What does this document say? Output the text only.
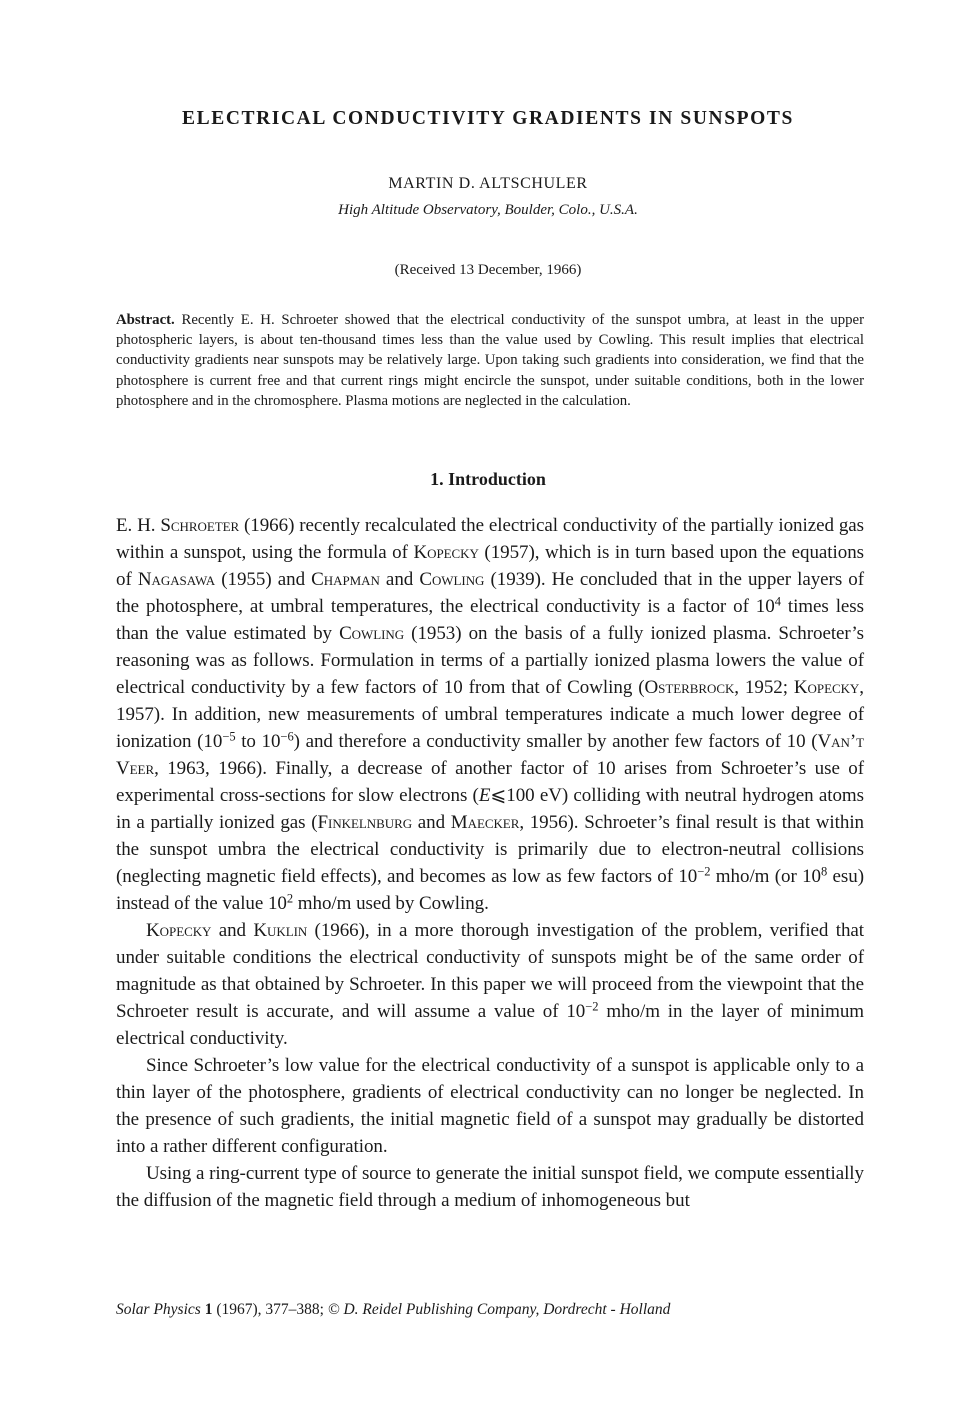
ELECTRICAL CONDUCTIVITY GRADIENTS IN SUNSPOTS
MARTIN D. ALTSCHULER
High Altitude Observatory, Boulder, Colo., U.S.A.
(Received 13 December, 1966)
Abstract. Recently E. H. Schroeter showed that the electrical conductivity of the sunspot umbra, at least in the upper photospheric layers, is about ten-thousand times less than the value used by Cowling. This result implies that electrical conductivity gradients near sunspots may be relatively large. Upon taking such gradients into consideration, we find that the photosphere is current free and that current rings might encircle the sunspot, under suitable conditions, both in the lower photosphere and in the chromosphere. Plasma motions are neglected in the calculation.
1. Introduction

E. H. Schroeter (1966) recently recalculated the electrical conductivity of the partially ionized gas within a sunspot, using the formula of Kopecky (1957), which is in turn based upon the equations of Nagasawa (1955) and Chapman and Cowling (1939). He concluded that in the upper layers of the photosphere, at umbral temperatures, the electrical conductivity is a factor of $10^4$ times less than the value estimated by Cowling (1953) on the basis of a fully ionized plasma. Schroeter’s reasoning was as follows. Formulation in terms of a partially ionized plasma lowers the value of electrical conductivity by a few factors of 10 from that of Cowling (Osterbrock, 1952; Kopecky, 1957). In addition, new measurements of umbral temperatures indicate a much lower degree of ionization ($10^{-5}$ to $10^{-6}$) and therefore a conductivity smaller by another few factors of 10 (Van’t Veer, 1963, 1966). Finally, a decrease of another factor of 10 arises from Schroeter’s use of experimental cross-sections for slow electrons (E⩽100 eV) colliding with neutral hydrogen atoms in a partially ionized gas (Finkelnburg and Maecker, 1956). Schroeter’s final result is that within the sunspot umbra the electrical conductivity is primarily due to electron-neutral collisions (neglecting magnetic field effects), and becomes as low as few factors of $10^{-2}$ mho/m (or $10^8$ esu) instead of the value $10^2$ mho/m used by Cowling.

Kopecky and Kuklin (1966), in a more thorough investigation of the problem, verified that under suitable conditions the electrical conductivity of sunspots might be of the same order of magnitude as that obtained by Schroeter. In this paper we will proceed from the viewpoint that the Schroeter result is accurate, and will assume a value of $10^{-2}$ mho/m in the layer of minimum electrical conductivity.

Since Schroeter’s low value for the electrical conductivity of a sunspot is applicable only to a thin layer of the photosphere, gradients of electrical conductivity can no longer be neglected. In the presence of such gradients, the initial magnetic field of a sunspot may gradually be distorted into a rather different configuration.

Using a ring-current type of source to generate the initial sunspot field, we compute essentially the diffusion of the magnetic field through a medium of inhomogeneous but

Solar Physics 1 (1967), 377–388; © D. Reidel Publishing Company, Dordrecht - Holland
